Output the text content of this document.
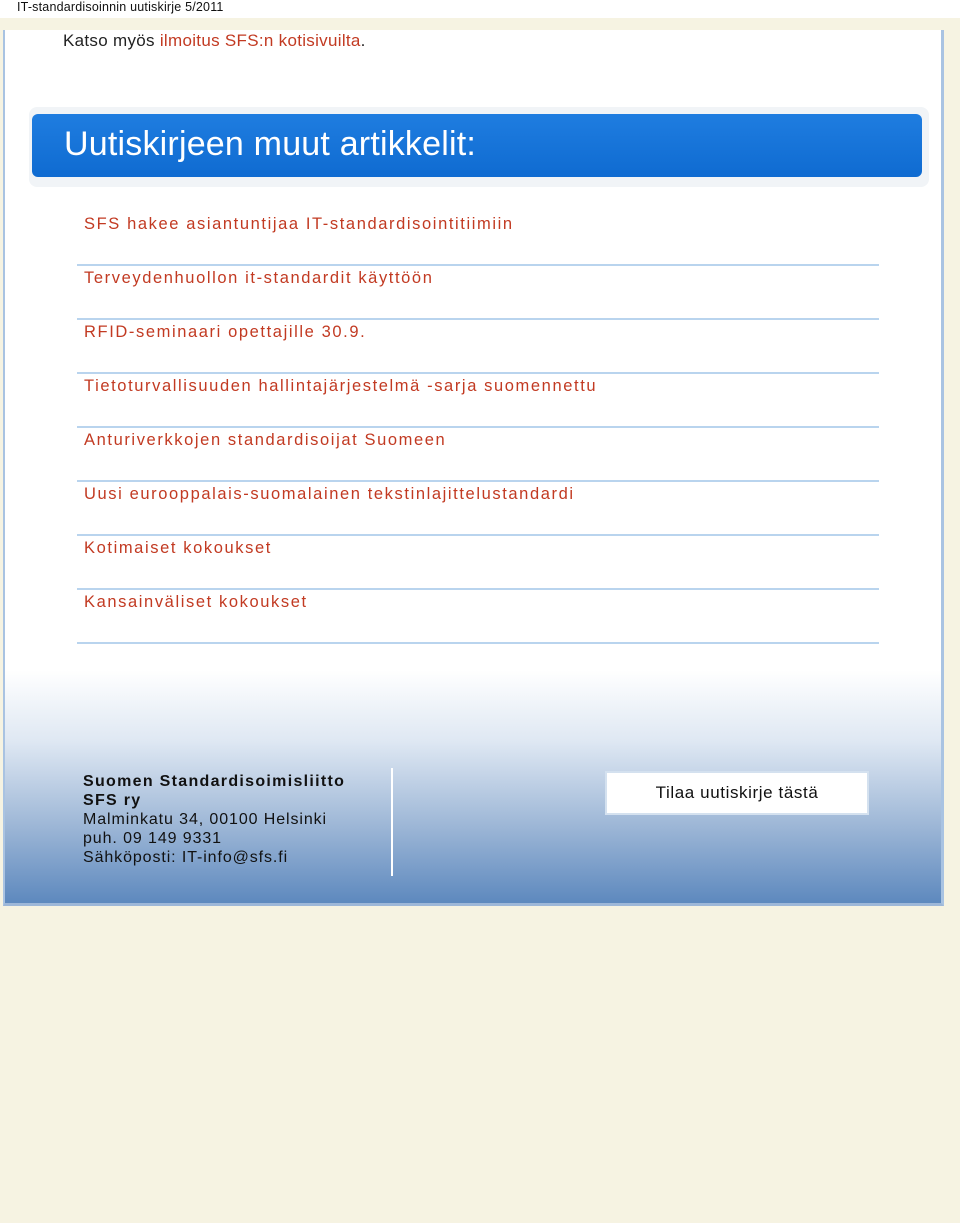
IT-standardisoinnin uutiskirje 5/2011
Katso myös ilmoitus SFS:n kotisivuilta.
Uutiskirjeen muut artikkelit:
SFS hakee asiantuntijaa IT-standardisointitiimiin
Terveydenhuollon it-standardit käyttöön
RFID-seminaari opettajille 30.9.
Tietoturvallisuuden hallintajärjestelmä -sarja suomennettu
Anturiverkkojen standardisoijat Suomeen
Uusi eurooppalais-suomalainen tekstinlajittelustandardi
Kotimaiset kokoukset
Kansainväliset kokoukset
Suomen Standardisoimisliitto
SFS ry
Malminkatu 34, 00100 Helsinki
puh. 09 149 9331
Sähköposti: IT-info@sfs.fi
Tilaa uutiskirje tästä
